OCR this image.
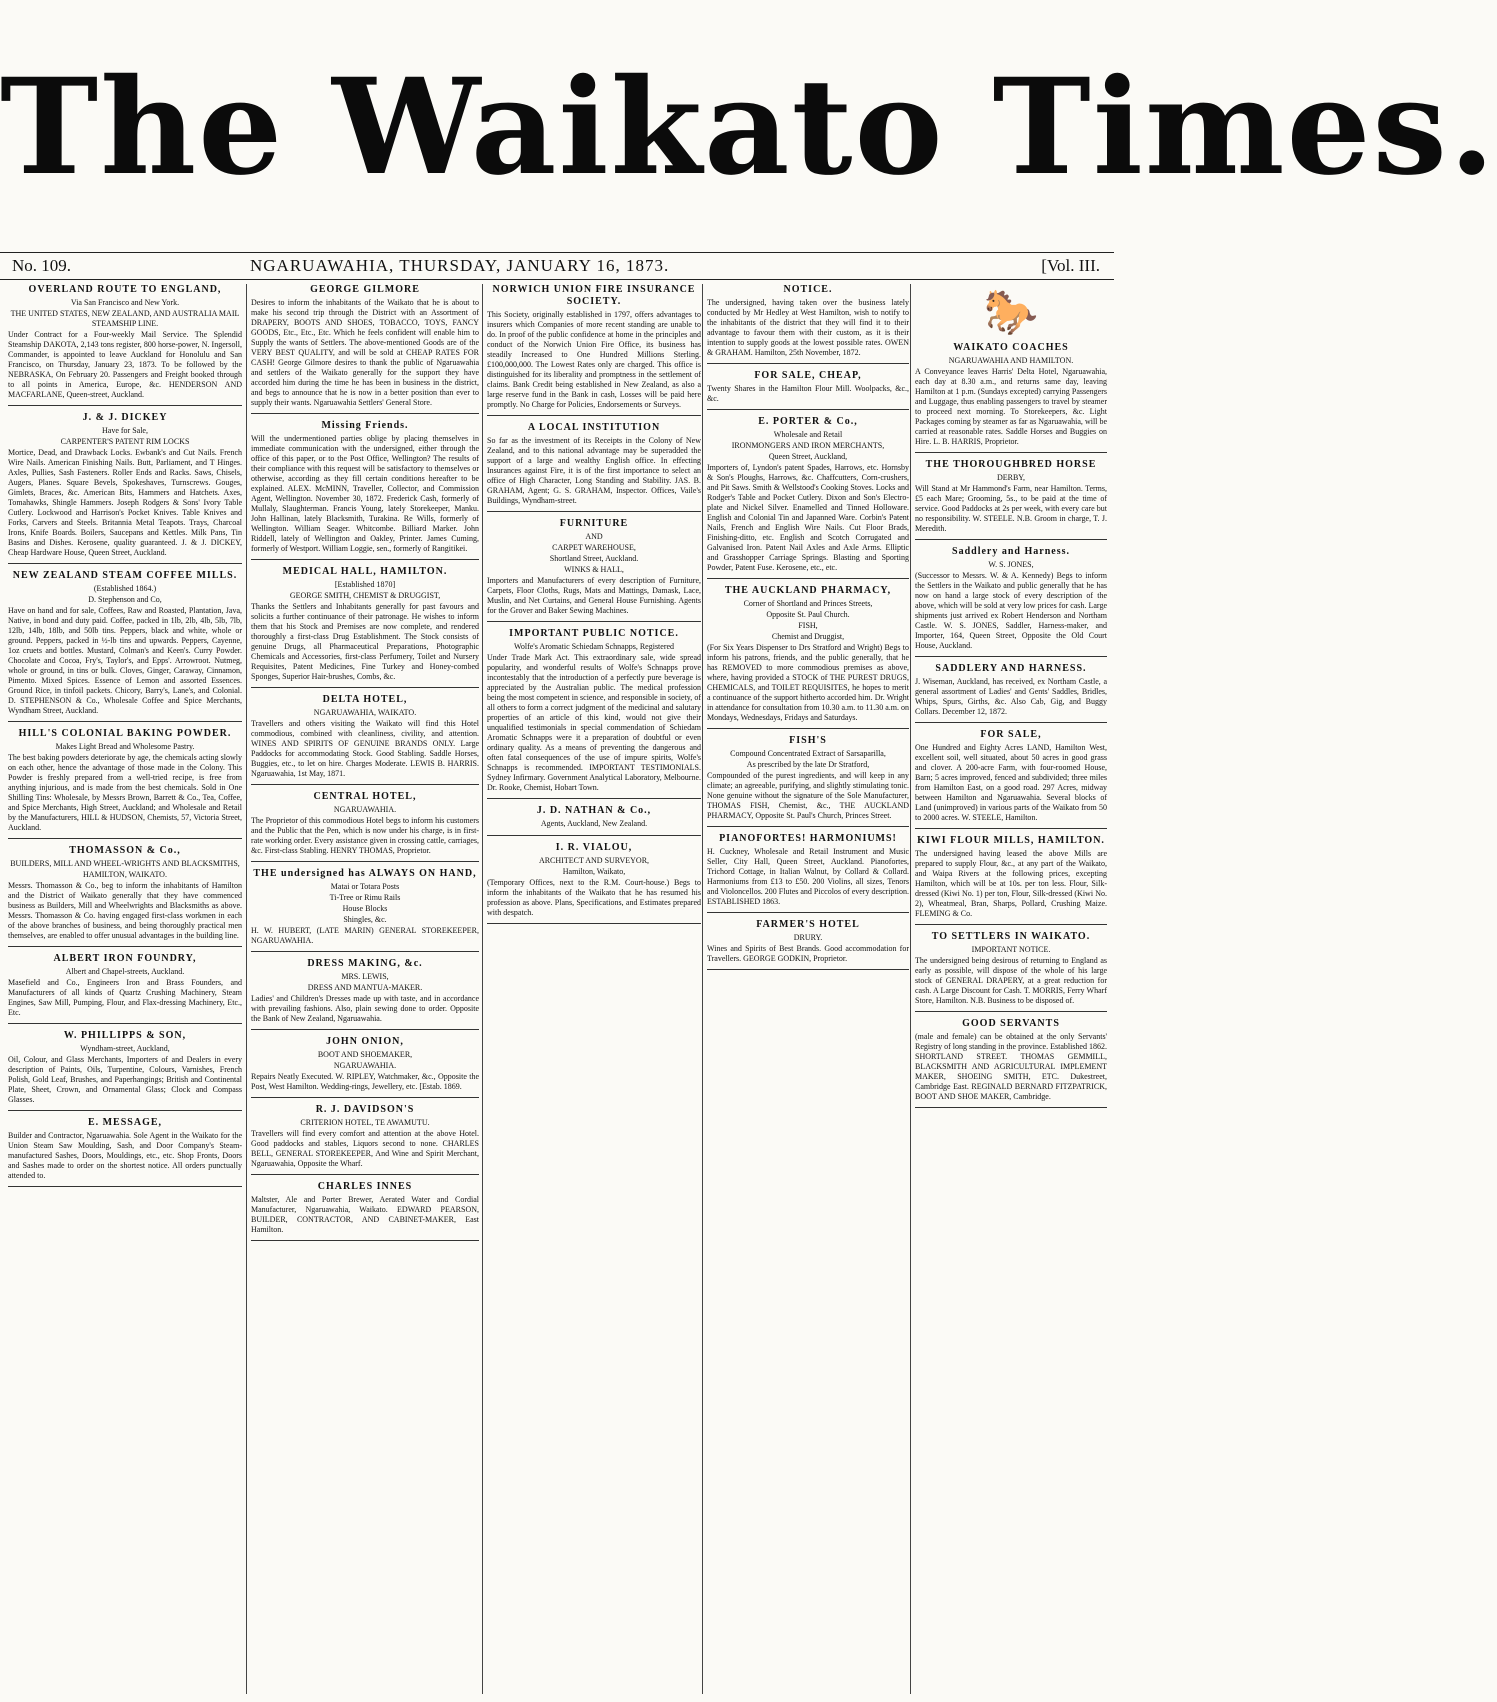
The Waikato Times.
No. 109.	NGARUAWAHIA, THURSDAY, JANUARY 16, 1873.	[Vol. III.
OVERLAND ROUTE TO ENGLAND,
Via San Francisco and New York.
THE UNITED STATES, NEW ZEALAND, AND AUSTRALIA MAIL STEAMSHIP LINE.

Under Contract for a Four-weekly Mail Service. The Splendid Steamship DAKOTA, 2,143 tons register, 800 horse-power, N. Ingersoll, Commander, is appointed to leave Auckland for Honolulu and San Francisco, on Thursday, January 23, 1873. To be followed by the NEBRASKA, On February 20. Passengers and Freight booked through to all points in America, Europe, &c. HENDERSON AND MACFARLANE, Queen-street, Auckland.

J. & J. DICKEY
Have for Sale,
CARPENTER'S PATENT RIM LOCKS

Mortice, Dead, and Drawback Locks. Ewbank's and Cut Nails. French Wire Nails. American Finishing Nails. Butt, Parliament, and T Hinges. Axles, Pullies, Sash Fasteners. Roller Ends and Racks. Saws, Chisels, Augers, Planes. Square Bevels, Spokeshaves, Turnscrews. Gouges, Gimlets, Braces, &c. American Bits, Hammers and Hatchets. Axes, Tomahawks, Shingle Hammers. Joseph Rodgers & Sons' Ivory Table Cutlery. Lockwood and Harrison's Pocket Knives. Table Knives and Forks, Carvers and Steels. Britannia Metal Teapots. Trays, Charcoal Irons, Knife Boards. Boilers, Saucepans and Kettles. Milk Pans, Tin Basins and Dishes. Kerosene, quality guaranteed. J. & J. DICKEY, Cheap Hardware House, Queen Street, Auckland.

NEW ZEALAND STEAM COFFEE MILLS.
(Established 1864.)
D. Stephenson and Co,

Have on hand and for sale, Coffees, Raw and Roasted, Plantation, Java, Native, in bond and duty paid. Coffee, packed in 1lb, 2lb, 4lb, 5lb, 7lb, 12lb, 14lb, 18lb, and 50lb tins. Peppers, black and white, whole or ground. Peppers, packed in ½-lb tins and upwards. Peppers, Cayenne, 1oz cruets and bottles. Mustard, Colman's and Keen's. Curry Powder. Chocolate and Cocoa, Fry's, Taylor's, and Epps'. Arrowroot. Nutmeg, whole or ground, in tins or bulk. Cloves, Ginger, Caraway, Cinnamon, Pimento. Mixed Spices. Essence of Lemon and assorted Essences. Ground Rice, in tinfoil packets. Chicory, Barry's, Lane's, and Colonial. D. STEPHENSON & Co., Wholesale Coffee and Spice Merchants, Wyndham Street, Auckland.

HILL'S COLONIAL BAKING POWDER.
Makes Light Bread and Wholesome Pastry.

The best baking powders deteriorate by age, the chemicals acting slowly on each other, hence the advantage of those made in the Colony. This Powder is freshly prepared from a well-tried recipe, is free from anything injurious, and is made from the best chemicals. Sold in One Shilling Tins: Wholesale, by Messrs Brown, Barrett & Co., Tea, Coffee, and Spice Merchants, High Street, Auckland; and Wholesale and Retail by the Manufacturers, HILL & HUDSON, Chemists, 57, Victoria Street, Auckland.

THOMASSON & Co.,
BUILDERS, MILL AND WHEEL-WRIGHTS AND BLACKSMITHS,
HAMILTON, WAIKATO.

Messrs. Thomasson & Co., beg to inform the inhabitants of Hamilton and the District of Waikato generally that they have commenced business as Builders, Mill and Wheelwrights and Blacksmiths as above. Messrs. Thomasson & Co. having engaged first-class workmen in each of the above branches of business, and being thoroughly practical men themselves, are enabled to offer unusual advantages in the building line.

ALBERT IRON FOUNDRY,
Albert and Chapel-streets, Auckland.

Masefield and Co., Engineers Iron and Brass Founders, and Manufacturers of all kinds of Quartz Crushing Machinery, Steam Engines, Saw Mill, Pumping, Flour, and Flax-dressing Machinery, Etc., Etc.

W. PHILLIPPS & SON,
Wyndham-street, Auckland,

Oil, Colour, and Glass Merchants, Importers of and Dealers in every description of Paints, Oils, Turpentine, Colours, Varnishes, French Polish, Gold Leaf, Brushes, and Paperhangings; British and Continental Plate, Sheet, Crown, and Ornamental Glass; Clock and Compass Glasses.

E. MESSAGE,

Builder and Contractor, Ngaruawahia. Sole Agent in the Waikato for the Union Steam Saw Moulding, Sash, and Door Company's Steam-manufactured Sashes, Doors, Mouldings, etc., etc. Shop Fronts, Doors and Sashes made to order on the shortest notice. All orders punctually attended to.

GEORGE GILMORE

Desires to inform the inhabitants of the Waikato that he is about to make his second trip through the District with an Assortment of DRAPERY, BOOTS AND SHOES, TOBACCO, TOYS, FANCY GOODS, Etc., Etc., Etc. Which he feels confident will enable him to Supply the wants of Settlers. The above-mentioned Goods are of the VERY BEST QUALITY, and will be sold at CHEAP RATES FOR CASH! George Gilmore desires to thank the public of Ngaruawahia and settlers of the Waikato generally for the support they have accorded him during the time he has been in business in the district, and begs to announce that he is now in a better position than ever to supply their wants. Ngaruawahia Settlers' General Store.

Missing Friends.

Will the undermentioned parties oblige by placing themselves in immediate communication with the undersigned, either through the office of this paper, or to the Post Office, Wellington? The results of their compliance with this request will be satisfactory to themselves or otherwise, according as they fill certain conditions hereafter to be explained. ALEX. McMINN, Traveller, Collector, and Commission Agent, Wellington. November 30, 1872. Frederick Cash, formerly of Mullaly, Slaughterman. Francis Young, lately Storekeeper, Manku. John Hallinan, lately Blacksmith, Turakina. Re Wills, formerly of Wellington. William Seager. Whitcombe. Billiard Marker. John Riddell, lately of Wellington and Oakley, Printer. James Cuming, formerly of Westport. William Loggie, sen., formerly of Rangitikei.

MEDICAL HALL, HAMILTON.
[Established 1870]
GEORGE SMITH, CHEMIST & DRUGGIST,

Thanks the Settlers and Inhabitants generally for past favours and solicits a further continuance of their patronage. He wishes to inform them that his Stock and Premises are now complete, and rendered thoroughly a first-class Drug Establishment. The Stock consists of genuine Drugs, all Pharmaceutical Preparations, Photographic Chemicals and Accessories, first-class Perfumery, Toilet and Nursery Requisites, Patent Medicines, Fine Turkey and Honey-combed Sponges, Superior Hair-brushes, Combs, &c.

DELTA HOTEL,
NGARUAWAHIA, WAIKATO.

Travellers and others visiting the Waikato will find this Hotel commodious, combined with cleanliness, civility, and attention. WINES AND SPIRITS OF GENUINE BRANDS ONLY. Large Paddocks for accommodating Stock. Good Stabling. Saddle Horses, Buggies, etc., to let on hire. Charges Moderate. LEWIS B. HARRIS. Ngaruawahia, 1st May, 1871.

CENTRAL HOTEL,
NGARUAWAHIA.

The Proprietor of this commodious Hotel begs to inform his customers and the Public that the Pen, which is now under his charge, is in first-rate working order. Every assistance given in crossing cattle, carriages, &c. First-class Stabling. HENRY THOMAS, Proprietor.

THE undersigned has ALWAYS ON HAND,
Matai or Totara Posts
Ti-Tree or Rimu Rails
House Blocks
Shingles, &c.

H. W. HUBERT, (LATE MARIN) GENERAL STOREKEEPER, NGARUAWAHIA.

DRESS MAKING, &c.
MRS. LEWIS,
DRESS AND MANTUA-MAKER.

Ladies' and Children's Dresses made up with taste, and in accordance with prevailing fashions. Also, plain sewing done to order. Opposite the Bank of New Zealand, Ngaruawahia.

JOHN ONION,
BOOT AND SHOEMAKER,
NGARUAWAHIA.

Repairs Neatly Executed. W. RIPLEY, Watchmaker, &c., Opposite the Post, West Hamilton. Wedding-rings, Jewellery, etc. [Estab. 1869.

R. J. DAVIDSON'S
CRITERION HOTEL, TE AWAMUTU.

Travellers will find every comfort and attention at the above Hotel. Good paddocks and stables, Liquors second to none. CHARLES BELL, GENERAL STOREKEEPER, And Wine and Spirit Merchant, Ngaruawahia, Opposite the Wharf.

CHARLES INNES

Maltster, Ale and Porter Brewer, Aerated Water and Cordial Manufacturer, Ngaruawahia, Waikato. EDWARD PEARSON, BUILDER, CONTRACTOR, AND CABINET-MAKER, East Hamilton.

NORWICH UNION FIRE INSURANCE SOCIETY.

This Society, originally established in 1797, offers advantages to insurers which Companies of more recent standing are unable to do. In proof of the public confidence at home in the principles and conduct of the Norwich Union Fire Office, its business has steadily Increased to One Hundred Millions Sterling. £100,000,000. The Lowest Rates only are charged. This office is distinguished for its liberality and promptness in the settlement of claims. Bank Credit being established in New Zealand, as also a large reserve fund in the Bank in cash, Losses will be paid here promptly. No Charge for Policies, Endorsements or Surveys.

A LOCAL INSTITUTION

So far as the investment of its Receipts in the Colony of New Zealand, and to this national advantage may be superadded the support of a large and wealthy English office. In effecting Insurances against Fire, it is of the first importance to select an office of High Character, Long Standing and Stability. JAS. B. GRAHAM, Agent; G. S. GRAHAM, Inspector. Offices, Vaile's Buildings, Wyndham-street.

FURNITURE
AND
CARPET WAREHOUSE,
Shortland Street, Auckland.
WINKS & HALL,

Importers and Manufacturers of every description of Furniture, Carpets, Floor Cloths, Rugs, Mats and Mattings, Damask, Lace, Muslin, and Net Curtains, and General House Furnishing. Agents for the Grover and Baker Sewing Machines.

IMPORTANT PUBLIC NOTICE.
Wolfe's Aromatic Schiedam Schnapps, Registered

Under Trade Mark Act. This extraordinary sale, wide spread popularity, and wonderful results of Wolfe's Schnapps prove incontestably that the introduction of a perfectly pure beverage is appreciated by the Australian public. The medical profession being the most competent in science, and responsible in society, of all others to form a correct judgment of the medicinal and salutary properties of an article of this kind, would not give their unqualified testimonials in special commendation of Schiedam Aromatic Schnapps were it a preparation of doubtful or even ordinary quality. As a means of preventing the dangerous and often fatal consequences of the use of impure spirits, Wolfe's Schnapps is recommended. IMPORTANT TESTIMONIALS. Sydney Infirmary. Government Analytical Laboratory, Melbourne. Dr. Rooke, Chemist, Hobart Town.

J. D. NATHAN & Co.,
Agents, Auckland, New Zealand.
I. R. VIALOU,
ARCHITECT AND SURVEYOR,
Hamilton, Waikato,

(Temporary Offices, next to the R.M. Court-house.) Begs to inform the inhabitants of the Waikato that he has resumed his profession as above. Plans, Specifications, and Estimates prepared with despatch.

NOTICE.

The undersigned, having taken over the business lately conducted by Mr Hedley at West Hamilton, wish to notify to the inhabitants of the district that they will find it to their advantage to favour them with their custom, as it is their intention to supply goods at the lowest possible rates. OWEN & GRAHAM. Hamilton, 25th November, 1872.

FOR SALE, CHEAP,

Twenty Shares in the Hamilton Flour Mill. Woolpacks, &c., &c.

E. PORTER & Co.,
Wholesale and Retail
IRONMONGERS AND IRON MERCHANTS,
Queen Street, Auckland,

Importers of, Lyndon's patent Spades, Harrows, etc. Hornsby & Son's Ploughs, Harrows, &c. Chaffcutters, Corn-crushers, and Pit Saws. Smith & Wellstood's Cooking Stoves. Locks and Rodger's Table and Pocket Cutlery. Dixon and Son's Electro-plate and Nickel Silver. Enamelled and Tinned Holloware. English and Colonial Tin and Japanned Ware. Corbin's Patent Nails, French and English Wire Nails. Cut Floor Brads, Finishing-ditto, etc. English and Scotch Corrugated and Galvanised Iron. Patent Nail Axles and Axle Arms. Elliptic and Grasshopper Carriage Springs. Blasting and Sporting Powder, Patent Fuse. Kerosene, etc., etc.

THE AUCKLAND PHARMACY,
Corner of Shortland and Princes Streets,
Opposite St. Paul Church.
FISH,
Chemist and Druggist,

(For Six Years Dispenser to Drs Stratford and Wright) Begs to inform his patrons, friends, and the public generally, that he has REMOVED to more commodious premises as above, where, having provided a STOCK of THE PUREST DRUGS, CHEMICALS, and TOILET REQUISITES, he hopes to merit a continuance of the support hitherto accorded him. Dr. Wright in attendance for consultation from 10.30 a.m. to 11.30 a.m. on Mondays, Wednesdays, Fridays and Saturdays.

FISH'S
Compound Concentrated Extract of Sarsaparilla,
As prescribed by the late Dr Stratford,

Compounded of the purest ingredients, and will keep in any climate; an agreeable, purifying, and slightly stimulating tonic. None genuine without the signature of the Sole Manufacturer, THOMAS FISH, Chemist, &c., THE AUCKLAND PHARMACY, Opposite St. Paul's Church, Princes Street.

PIANOFORTES! HARMONIUMS!

H. Cuckney, Wholesale and Retail Instrument and Music Seller, City Hall, Queen Street, Auckland. Pianofortes, Trichord Cottage, in Italian Walnut, by Collard & Collard. Harmoniums from £13 to £50. 200 Violins, all sizes, Tenors and Violoncellos. 200 Flutes and Piccolos of every description. ESTABLISHED 1863.

FARMER'S HOTEL
DRURY.

Wines and Spirits of Best Brands. Good accommodation for Travellers. GEORGE GODKIN, Proprietor.

🐎
WAIKATO COACHES
NGARUAWAHIA AND HAMILTON.

A Conveyance leaves Harris' Delta Hotel, Ngaruawahia, each day at 8.30 a.m., and returns same day, leaving Hamilton at 1 p.m. (Sundays excepted) carrying Passengers and Luggage, thus enabling passengers to travel by steamer to proceed next morning. To Storekeepers, &c. Light Packages coming by steamer as far as Ngaruawahia, will be carried at reasonable rates. Saddle Horses and Buggies on Hire. L. B. HARRIS, Proprietor.

THE THOROUGHBRED HORSE
DERBY,

Will Stand at Mr Hammond's Farm, near Hamilton. Terms, £5 each Mare; Grooming, 5s., to be paid at the time of service. Good Paddocks at 2s per week, with every care but no responsibility. W. STEELE. N.B. Groom in charge, T. J. Meredith.

Saddlery and Harness.
W. S. JONES,

(Successor to Messrs. W. & A. Kennedy) Begs to inform the Settlers in the Waikato and public generally that he has now on hand a large stock of every description of the above, which will be sold at very low prices for cash. Large shipments just arrived ex Robert Henderson and Northam Castle. W. S. JONES, Saddler, Harness-maker, and Importer, 164, Queen Street, Opposite the Old Court House, Auckland.

SADDLERY AND HARNESS.

J. Wiseman, Auckland, has received, ex Northam Castle, a general assortment of Ladies' and Gents' Saddles, Bridles, Whips, Spurs, Girths, &c. Also Cab, Gig, and Buggy Collars. December 12, 1872.

FOR SALE,

One Hundred and Eighty Acres LAND, Hamilton West, excellent soil, well situated, about 50 acres in good grass and clover. A 200-acre Farm, with four-roomed House, Barn; 5 acres improved, fenced and subdivided; three miles from Hamilton East, on a good road. 297 Acres, midway between Hamilton and Ngaruawahia. Several blocks of Land (unimproved) in various parts of the Waikato from 50 to 2000 acres. W. STEELE, Hamilton.

KIWI FLOUR MILLS, HAMILTON.

The undersigned having leased the above Mills are prepared to supply Flour, &c., at any part of the Waikato, and Waipa Rivers at the following prices, excepting Hamilton, which will be at 10s. per ton less. Flour, Silk-dressed (Kiwi No. 1) per ton, Flour, Silk-dressed (Kiwi No. 2), Wheatmeal, Bran, Sharps, Pollard, Crushing Maize. FLEMING & Co.

TO SETTLERS IN WAIKATO.
IMPORTANT NOTICE.

The undersigned being desirous of returning to England as early as possible, will dispose of the whole of his large stock of GENERAL DRAPERY, at a great reduction for cash. A Large Discount for Cash. T. MORRIS, Ferry Wharf Store, Hamilton. N.B. Business to be disposed of.

GOOD SERVANTS

(male and female) can be obtained at the only Servants' Registry of long standing in the province. Established 1862. SHORTLAND STREET. THOMAS GEMMILL, BLACKSMITH AND AGRICULTURAL IMPLEMENT MAKER, SHOEING SMITH, ETC. Dukestreet, Cambridge East. REGINALD BERNARD FITZPATRICK, BOOT AND SHOE MAKER, Cambridge.
